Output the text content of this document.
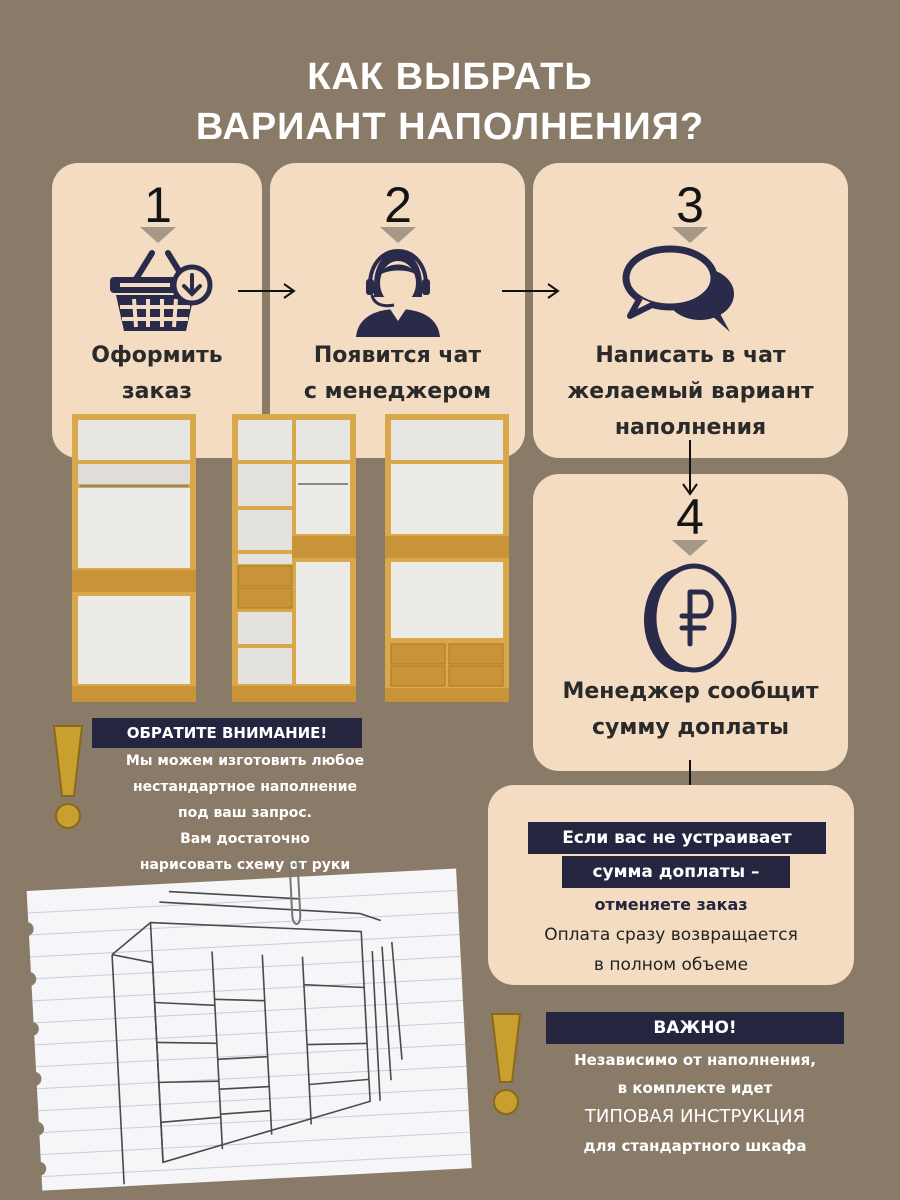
КАК ВЫБРАТЬ
ВАРИАНТ НАПОЛНЕНИЯ?
1
Оформить
заказ
2
Появится чат
с менеджером
3
Написать в чат
желаемый вариант
наполнения
4
Менеджер сообщит
сумму доплаты
ОБРАТИТЕ ВНИМАНИЕ!
Мы можем изготовить любое
нестандартное наполнение
под ваш запрос.
Вам достаточно
нарисовать схему от руки
Если вас не устраивает
сумма доплаты –
отменяете заказ
Оплата сразу возвращается
в полном объеме
ВАЖНО!
Независимо от наполнения,
в комплекте идет
ТИПОВАЯ ИНСТРУКЦИЯ
для стандартного шкафа
